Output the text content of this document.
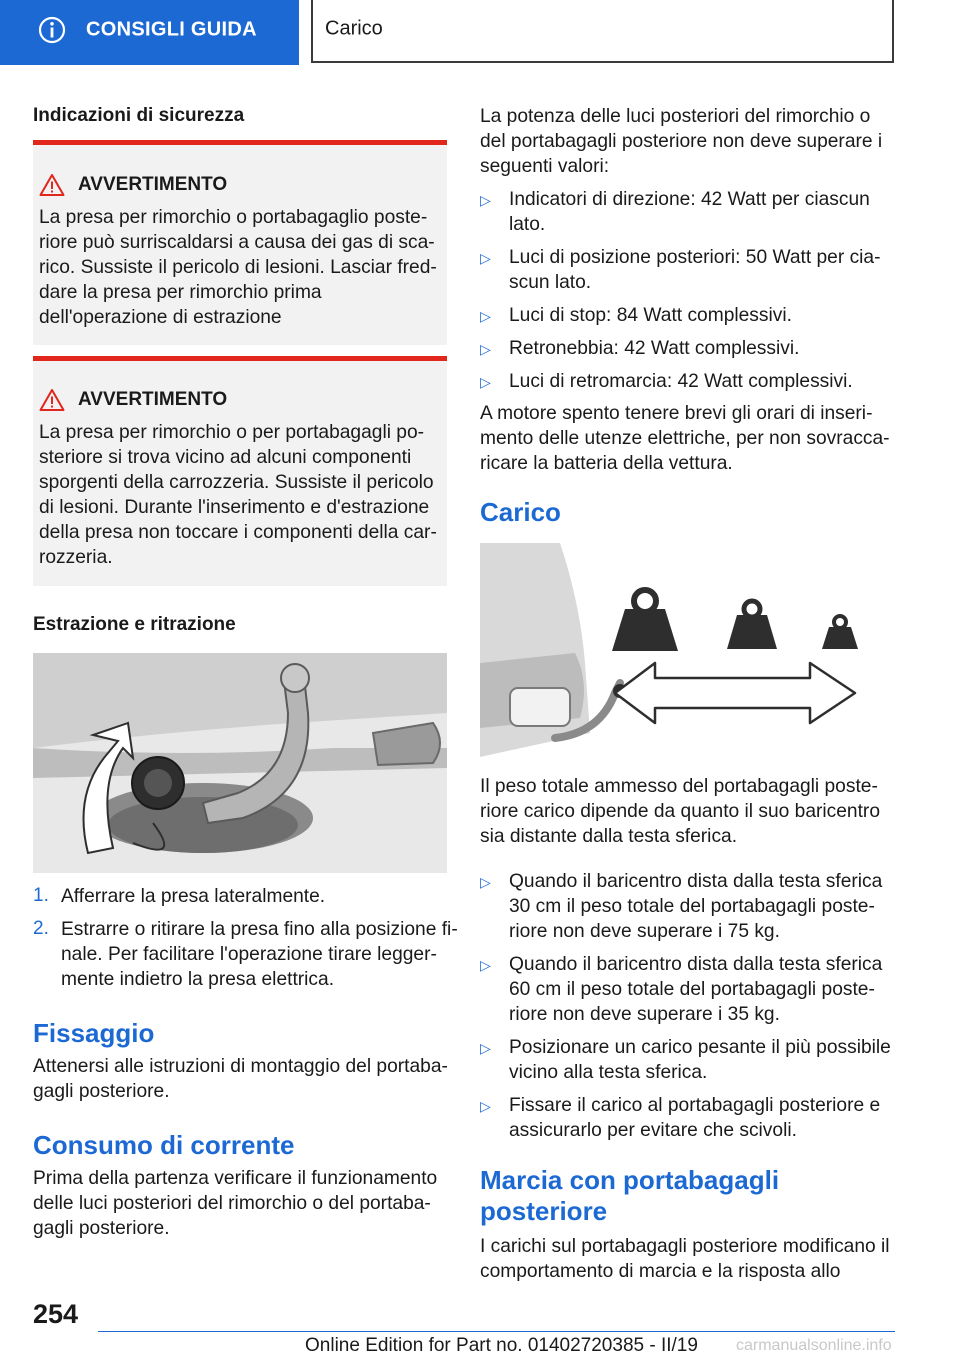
CONSIGLI GUIDA	Carico
Indicazioni di sicurezza
AVVERTIMENTO
La presa per rimorchio o portabagaglio poste-
riore può surriscaldarsi a causa dei gas di sca-
rico. Sussiste il pericolo di lesioni. Lasciar fred-
dare la presa per rimorchio prima
dell'operazione di estrazione
AVVERTIMENTO
La presa per rimorchio o per portabagagli po-
steriore si trova vicino ad alcuni componenti
sporgenti della carrozzeria. Sussiste il pericolo
di lesioni. Durante l'inserimento e d'estrazione
della presa non toccare i componenti della car-
rozzeria.
Estrazione e ritrazione
1. Afferrare la presa lateralmente.
2. Estrarre o ritirare la presa fino alla posizione fi-
nale. Per facilitare l'operazione tirare legger-
mente indietro la presa elettrica.
Fissaggio
Attenersi alle istruzioni di montaggio del portaba-
gagli posteriore.
Consumo di corrente
Prima della partenza verificare il funzionamento
delle luci posteriori del rimorchio o del portaba-
gagli posteriore.
La potenza delle luci posteriori del rimorchio o
del portabagagli posteriore non deve superare i
seguenti valori:
▷ Indicatori di direzione: 42 Watt per ciascun
lato.
▷ Luci di posizione posteriori: 50 Watt per cia-
scun lato.
▷ Luci di stop: 84 Watt complessivi.
▷ Retronebbia: 42 Watt complessivi.
▷ Luci di retromarcia: 42 Watt complessivi.
A motore spento tenere brevi gli orari di inseri-
mento delle utenze elettriche, per non sovracca-
ricare la batteria della vettura.
Carico
Il peso totale ammesso del portabagagli poste-
riore carico dipende da quanto il suo baricentro
sia distante dalla testa sferica.
▷ Quando il baricentro dista dalla testa sferica
30 cm il peso totale del portabagagli poste-
riore non deve superare i 75 kg.
▷ Quando il baricentro dista dalla testa sferica
60 cm il peso totale del portabagagli poste-
riore non deve superare i 35 kg.
▷ Posizionare un carico pesante il più possibile
vicino alla testa sferica.
▷ Fissare il carico al portabagagli posteriore e
assicurarlo per evitare che scivoli.
Marcia con portabagagli
posteriore
I carichi sul portabagagli posteriore modificano il
comportamento di marcia e la risposta allo
254
Online Edition for Part no. 01402720385 - II/19 carmanualsonline.info
